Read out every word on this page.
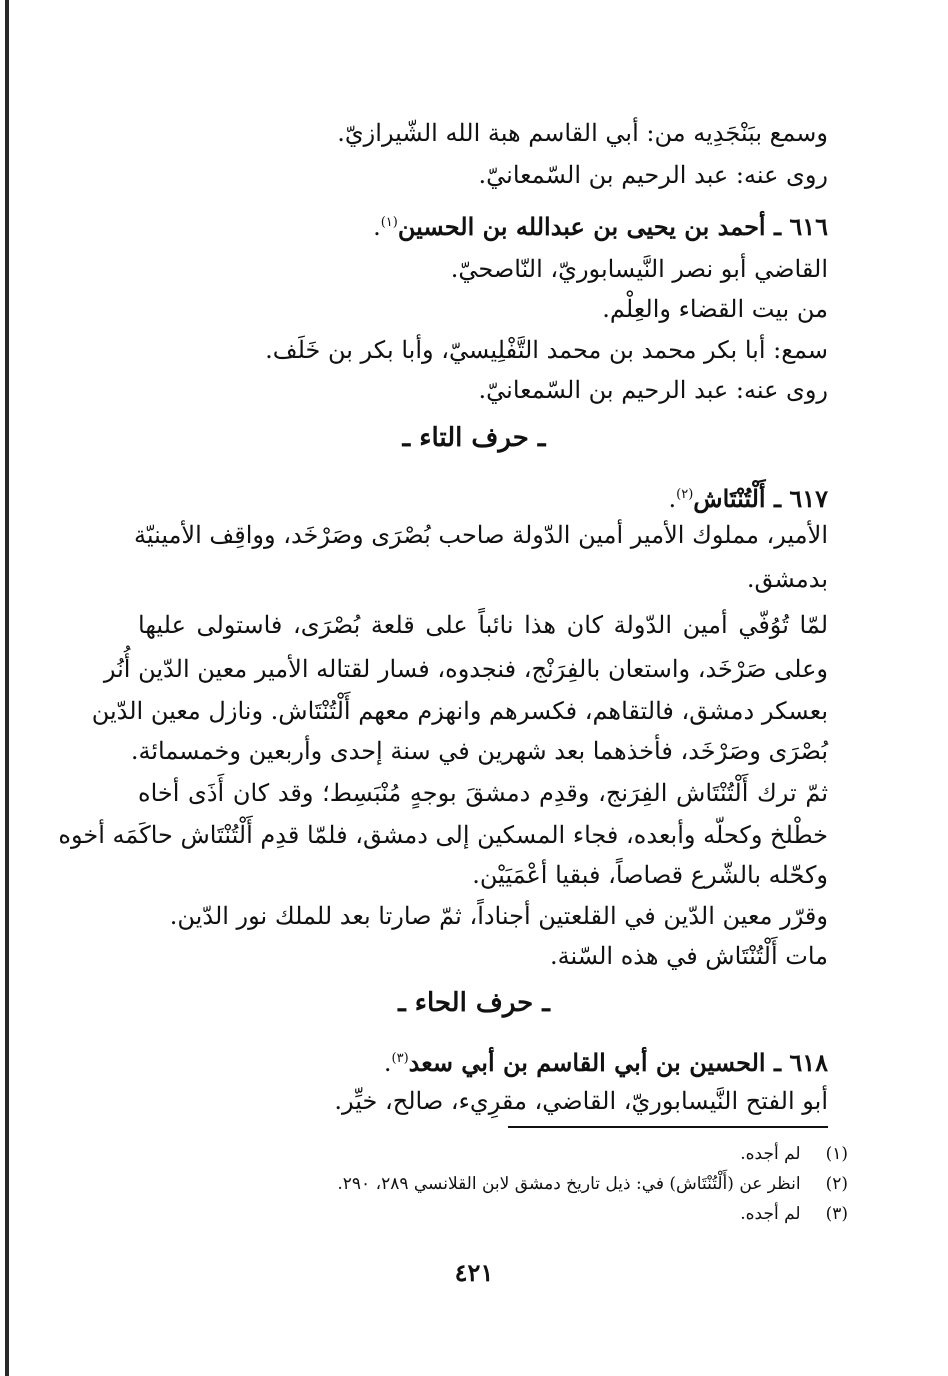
وسمع ببَنْجَدِيه من: أبي القاسم هبة الله الشّيرازيّ.
روى عنه: عبد الرحيم بن السّمعانيّ.
٦١٦ ـ أحمد بن يحيى بن عبدالله بن الحسين$^{(١)}$.
القاضي أبو نصر النَّيسابوريّ، النّاصحيّ.
من بيت القضاء والعِلْم.
سمع: أبا بكر محمد بن محمد التَّفْلِيسيّ، وأبا بكر بن خَلَف.
روى عنه: عبد الرحيم بن السّمعانيّ.
ـ حرف التاء ـ
٦١٧ ـ أَلْتُنْتَاش$^{(٢)}$.
الأمير، مملوك الأمير أمين الدّولة صاحب بُصْرَى وصَرْخَد، وواقِف الأمينيّة
بدمشق.
لمّا تُوُفّي أمين الدّولة كان هذا نائباً على قلعة بُصْرَى، فاستولى عليها
وعلى صَرْخَد، واستعان بالفِرَنْج، فنجدوه، فسار لقتاله الأمير معين الدّين أُنُر
بعسكر دمشق، فالتقاهم، فكسرهم وانهزم معهم أَلْتُنْتَاش. ونازل معين الدّين
بُصْرَى وصَرْخَد، فأخذهما بعد شهرين في سنة إحدى وأربعين وخمسمائة.
ثمّ ترك أَلْتُنْتَاش الفِرَنج، وقدِم دمشقَ بوجهٍ مُنْبَسِط؛ وقد كان أَذَى أخاه
خطْلخ وكحلّه وأبعده، فجاء المسكين إلى دمشق، فلمّا قدِم أَلْتُنْتَاش حاكَمَه أخوه
وكحّله بالشّرع قصاصاً، فبقيا أعْمَيَيْن.
وقرّر معين الدّين في القلعتين أجناداً، ثمّ صارتا بعد للملك نور الدّين.
مات أَلْتُنْتَاش في هذه السّنة.
ـ حرف الحاء ـ
٦١٨ ـ الحسين بن أبي القاسم بن أبي سعد$^{(٣)}$.
أبو الفتح النَّيسابوريّ، القاضي، مقرِيء، صالح، خيِّر.
(١) لم أجده.
(٢) انظر عن (أَلْتُنْتَاش) في: ذيل تاريخ دمشق لابن القلانسي ٢٨٩، ٢٩٠.
(٣) لم أجده.
٤٢١
